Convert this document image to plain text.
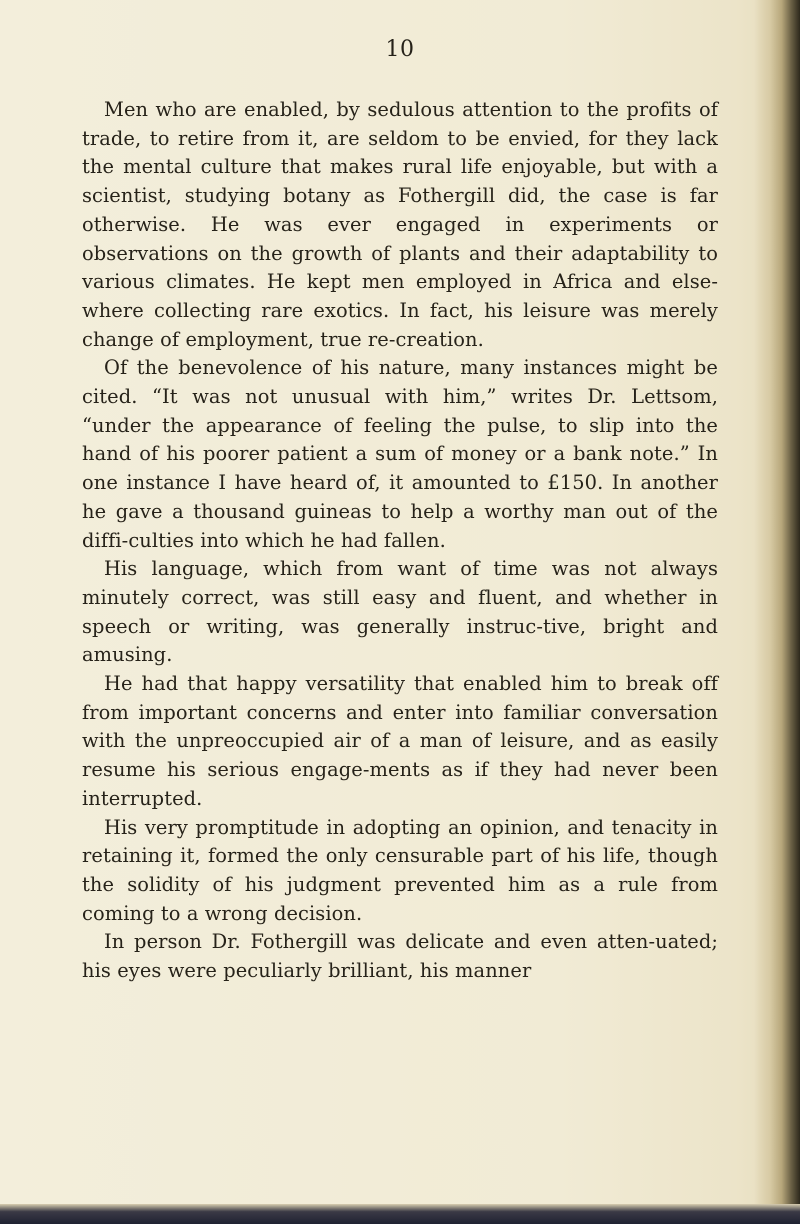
10

Men who are enabled, by sedulous attention to the profits of trade, to retire from it, are seldom to be envied, for they lack the mental culture that makes rural life enjoyable, but with a scientist, studying botany as Fothergill did, the case is far otherwise. He was ever engaged in experiments or observations on the growth of plants and their adaptability to various climates. He kept men employed in Africa and else-where collecting rare exotics. In fact, his leisure was merely change of employment, true re-creation.

Of the benevolence of his nature, many instances might be cited. “It was not unusual with him,” writes Dr. Lettsom, “under the appearance of feeling the pulse, to slip into the hand of his poorer patient a sum of money or a bank note.” In one instance I have heard of, it amounted to £150. In another he gave a thousand guineas to help a worthy man out of the diffi-culties into which he had fallen.

His language, which from want of time was not always minutely correct, was still easy and fluent, and whether in speech or writing, was generally instruc-tive, bright and amusing.

He had that happy versatility that enabled him to break off from important concerns and enter into familiar conversation with the unpreoccupied air of a man of leisure, and as easily resume his serious engage-ments as if they had never been interrupted.

His very promptitude in adopting an opinion, and tenacity in retaining it, formed the only censurable part of his life, though the solidity of his judgment prevented him as a rule from coming to a wrong decision.

In person Dr. Fothergill was delicate and even atten-uated; his eyes were peculiarly brilliant, his manner
